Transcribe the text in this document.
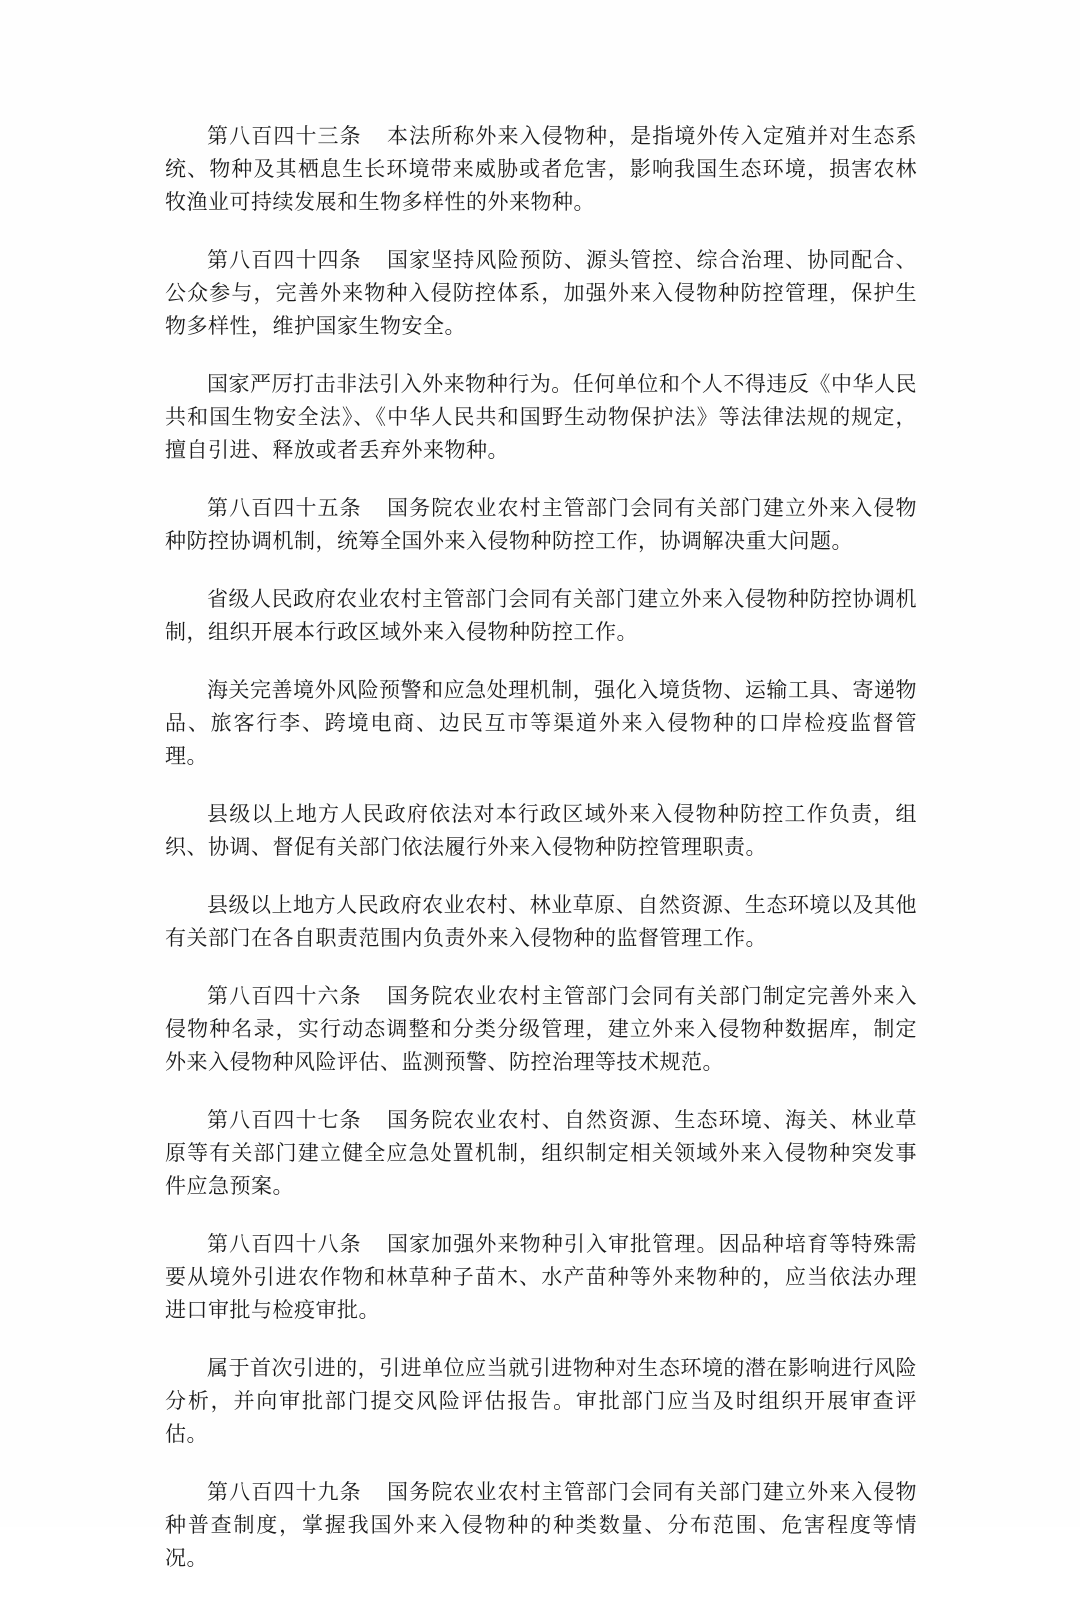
第八百四十三条 本法所称外来入侵物种，是指境外传入定殖并对生态系统、物种及其栖息生长环境带来威胁或者危害，影响我国生态环境，损害农林牧渔业可持续发展和生物多样性的外来物种。

第八百四十四条 国家坚持风险预防、源头管控、综合治理、协同配合、公众参与，完善外来物种入侵防控体系，加强外来入侵物种防控管理，保护生物多样性，维护国家生物安全。

国家严厉打击非法引入外来物种行为。任何单位和个人不得违反《中华人民共和国生物安全法》、《中华人民共和国野生动物保护法》等法律法规的规定，擅自引进、释放或者丢弃外来物种。

第八百四十五条 国务院农业农村主管部门会同有关部门建立外来入侵物种防控协调机制，统筹全国外来入侵物种防控工作，协调解决重大问题。

省级人民政府农业农村主管部门会同有关部门建立外来入侵物种防控协调机制，组织开展本行政区域外来入侵物种防控工作。

海关完善境外风险预警和应急处理机制，强化入境货物、运输工具、寄递物品、旅客行李、跨境电商、边民互市等渠道外来入侵物种的口岸检疫监督管理。

县级以上地方人民政府依法对本行政区域外来入侵物种防控工作负责，组织、协调、督促有关部门依法履行外来入侵物种防控管理职责。

县级以上地方人民政府农业农村、林业草原、自然资源、生态环境以及其他有关部门在各自职责范围内负责外来入侵物种的监督管理工作。

第八百四十六条 国务院农业农村主管部门会同有关部门制定完善外来入侵物种名录，实行动态调整和分类分级管理，建立外来入侵物种数据库，制定外来入侵物种风险评估、监测预警、防控治理等技术规范。

第八百四十七条 国务院农业农村、自然资源、生态环境、海关、林业草原等有关部门建立健全应急处置机制，组织制定相关领域外来入侵物种突发事件应急预案。

第八百四十八条 国家加强外来物种引入审批管理。因品种培育等特殊需要从境外引进农作物和林草种子苗木、水产苗种等外来物种的，应当依法办理进口审批与检疫审批。

属于首次引进的，引进单位应当就引进物种对生态环境的潜在影响进行风险分析，并向审批部门提交风险评估报告。审批部门应当及时组织开展审查评估。

第八百四十九条 国务院农业农村主管部门会同有关部门建立外来入侵物种普查制度，掌握我国外来入侵物种的种类数量、分布范围、危害程度等情况。
